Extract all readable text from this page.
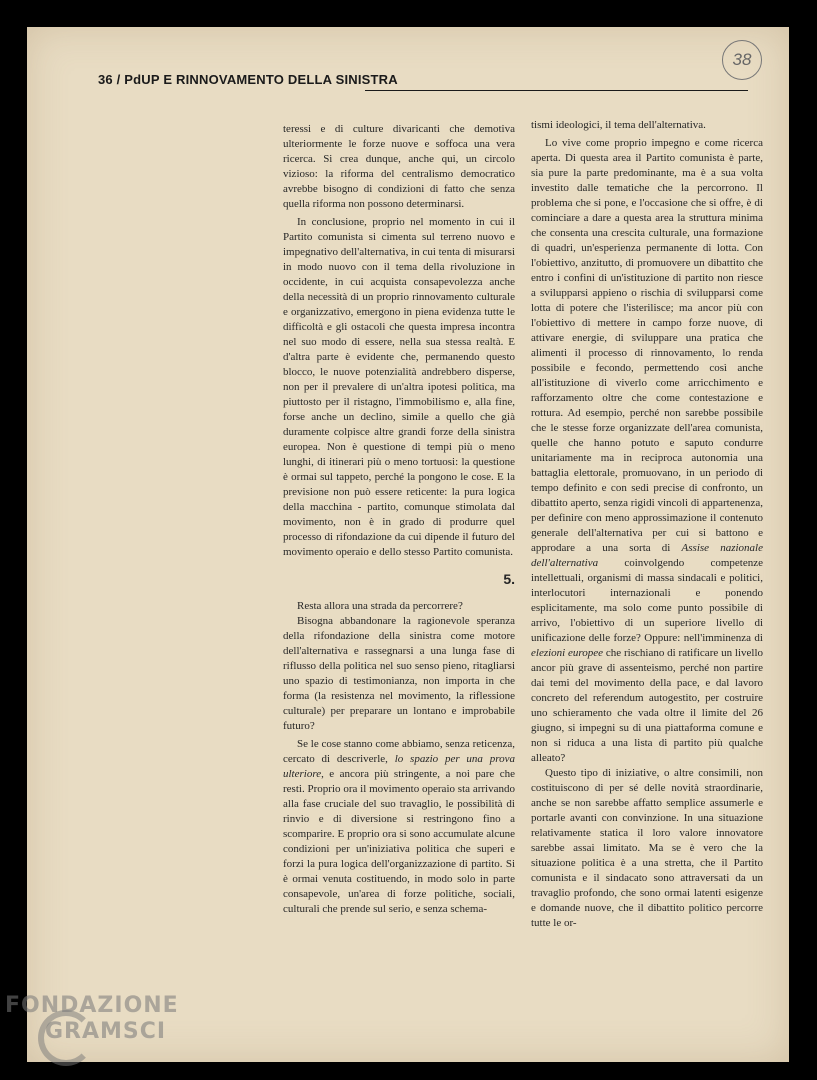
36 / PdUP E RINNOVAMENTO DELLA SINISTRA
38

teressi e di culture divaricanti che demotiva ulteriormente le forze nuove e soffoca una vera ricerca. Si crea dunque, anche qui, un circolo vizioso: la riforma del centralismo democratico avrebbe bisogno di condizioni di fatto che senza quella riforma non possono determinarsi.

In conclusione, proprio nel momento in cui il Partito comunista si cimenta sul terreno nuovo e impegnativo dell'alternativa, in cui tenta di misurarsi in modo nuovo con il tema della rivoluzione in occidente, in cui acquista consapevolezza anche della necessità di un proprio rinnovamento culturale e organizzativo, emergono in piena evidenza tutte le difficoltà e gli ostacoli che questa impresa incontra nel suo modo di essere, nella sua stessa realtà. E d'altra parte è evidente che, permanendo questo blocco, le nuove potenzialità andrebbero disperse, non per il prevalere di un'altra ipotesi politica, ma piuttosto per il ristagno, l'immobilismo e, alla fine, forse anche un declino, simile a quello che già duramente colpisce altre grandi forze della sinistra europea. Non è questione di tempi più o meno lunghi, di itinerari più o meno tortuosi: la questione è ormai sul tappeto, perché la pongono le cose. E la previsione non può essere reticente: la pura logica della macchina - partito, comunque stimolata dal movimento, non è in grado di produrre quel processo di rifondazione da cui dipende il futuro del movimento operaio e dello stesso Partito comunista.

5.

Resta allora una strada da percorrere?

Bisogna abbandonare la ragionevole speranza della rifondazione della sinistra come motore dell'alternativa e rassegnarsi a una lunga fase di riflusso della politica nel suo senso pieno, ritagliarsi uno spazio di testimonianza, non importa in che forma (la resistenza nel movimento, la riflessione culturale) per preparare un lontano e improbabile futuro?

Se le cose stanno come abbiamo, senza reticenza, cercato di descriverle, lo spazio per una prova ulteriore, e ancora più stringente, a noi pare che resti. Proprio ora il movimento operaio sta arrivando alla fase cruciale del suo travaglio, le possibilità di rinvio e di diversione si restringono fino a scomparire. E proprio ora si sono accumulate alcune condizioni per un'iniziativa politica che superi e forzi la pura logica dell'organizzazione di partito. Si è ormai venuta costituendo, in modo solo in parte consapevole, un'area di forze politiche, sociali, culturali che prende sul serio, e senza schema-

tismi ideologici, il tema dell'alternativa.

Lo vive come proprio impegno e come ricerca aperta. Di questa area il Partito comunista è parte, sia pure la parte predominante, ma è a sua volta investito dalle tematiche che la percorrono. Il problema che si pone, e l'occasione che si offre, è di cominciare a dare a questa area la struttura minima che consenta una crescita culturale, una formazione di quadri, un'esperienza permanente di lotta. Con l'obiettivo, anzitutto, di promuovere un dibattito che entro i confini di un'istituzione di partito non riesce a svilupparsi appieno o rischia di svilupparsi come lotta di potere che l'isterilisce; ma ancor più con l'obiettivo di mettere in campo forze nuove, di attivare energie, di sviluppare una pratica che alimenti il processo di rinnovamento, lo renda possibile e fecondo, permettendo così anche all'istituzione di viverlo come arricchimento e rafforzamento oltre che come contestazione e rottura. Ad esempio, perché non sarebbe possibile che le stesse forze organizzate dell'area comunista, quelle che hanno potuto e saputo condurre unitariamente ma in reciproca autonomia una battaglia elettorale, promuovano, in un periodo di tempo definito e con sedi precise di confronto, un dibattito aperto, senza rigidi vincoli di appartenenza, per definire con meno approssimazione il contenuto generale dell'alternativa per cui si battono e approdare a una sorta di Assise nazionale dell'alternativa coinvolgendo competenze intellettuali, organismi di massa sindacali e politici, interlocutori internazionali e ponendo esplicitamente, ma solo come punto possibile di arrivo, l'obiettivo di un superiore livello di unificazione delle forze? Oppure: nell'imminenza di elezioni europee che rischiano di ratificare un livello ancor più grave di assenteismo, perché non partire dai temi del movimento della pace, e dal lavoro concreto del referendum autogestito, per costruire uno schieramento che vada oltre il limite del 26 giugno, si impegni su di una piattaforma comune e non si riduca a una lista di partito più qualche alleato?

Questo tipo di iniziative, o altre consimili, non costituiscono di per sé delle novità straordinarie, anche se non sarebbe affatto semplice assumerle e portarle avanti con convinzione. In una situazione relativamente statica il loro valore innovatore sarebbe assai limitato. Ma se è vero che la situazione politica è a una stretta, che il Partito comunista e il sindacato sono attraversati da un travaglio profondo, che sono ormai latenti esigenze e domande nuove, che il dibattito politico percorre tutte le or-

FONDAZIONE
GRAMSCI
